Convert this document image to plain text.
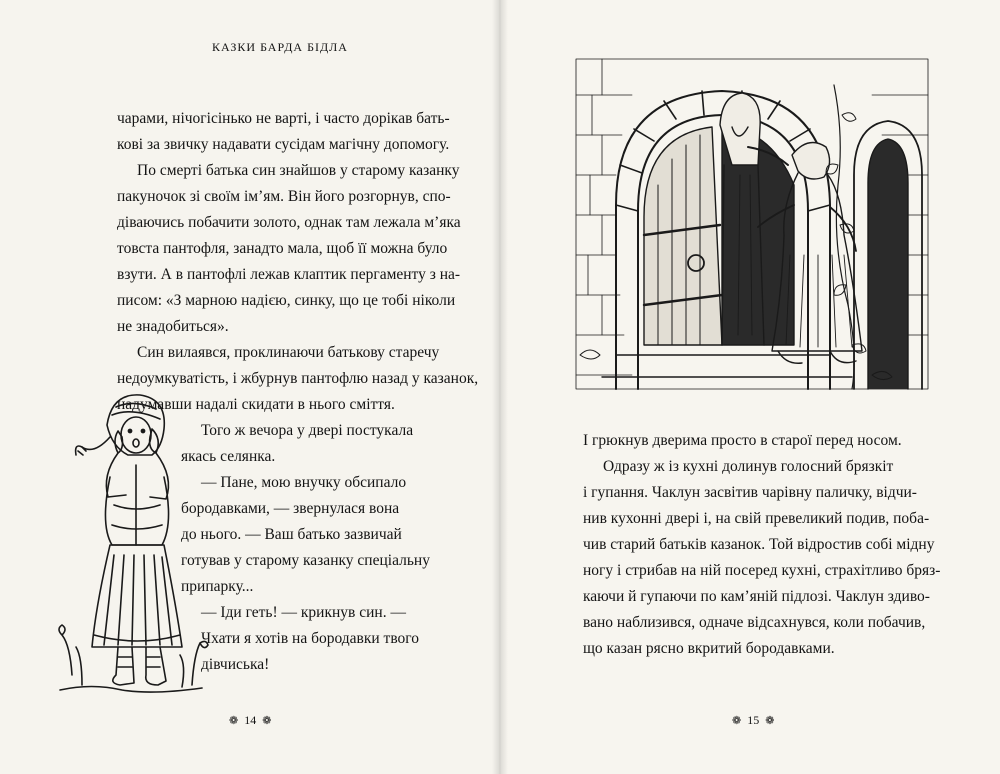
КАЗКИ БАРДА БІДЛА

чарами, нічогісінько не варті, і часто дорікав бать-

кові за звичку надавати сусідам магічну допомогу.

По смерті батька син знайшов у старому казанку

пакуночок зі своїм ім’ям. Він його розгорнув, спо-

діваючись побачити золото, однак там лежала м’яка

товста пантофля, занадто мала, щоб її можна було

взути. А в пантофлі лежав клаптик пергаменту з на-

писом: «З марною надією, синку, що це тобі ніколи

не знадобиться».

Син вилаявся, проклинаючи батькову старечу

недоумкуватість, і жбурнув пантофлю назад у казанок,

надумавши надалі скидати в нього сміття.

Того ж вечора у двері постукала

якась селянка.

— Пане, мою внучку обсипало

бородавками, — звернулася вона

до нього. — Ваш батько зазвичай

готував у старому казанку спеціальну

припарку...

— Іди геть! — крикнув син. —

Чхати я хотів на бородавки твого

дівчиська!

❁ 14 ❁

І грюкнув дверима просто в старої перед носом.

Одразу ж із кухні долинув голосний брязкіт

і гупання. Чаклун засвітив чарівну паличку, відчи-

нив кухонні двері і, на свій превеликий подив, поба-

чив старий батьків казанок. Той відростив собі мідну

ногу і стрибав на ній посеред кухні, страхітливо бряз-

каючи й гупаючи по кам’яній підлозі. Чаклун здиво-

вано наблизився, одначе відсахнувся, коли побачив,

що казан рясно вкритий бородавками.

❁ 15 ❁
